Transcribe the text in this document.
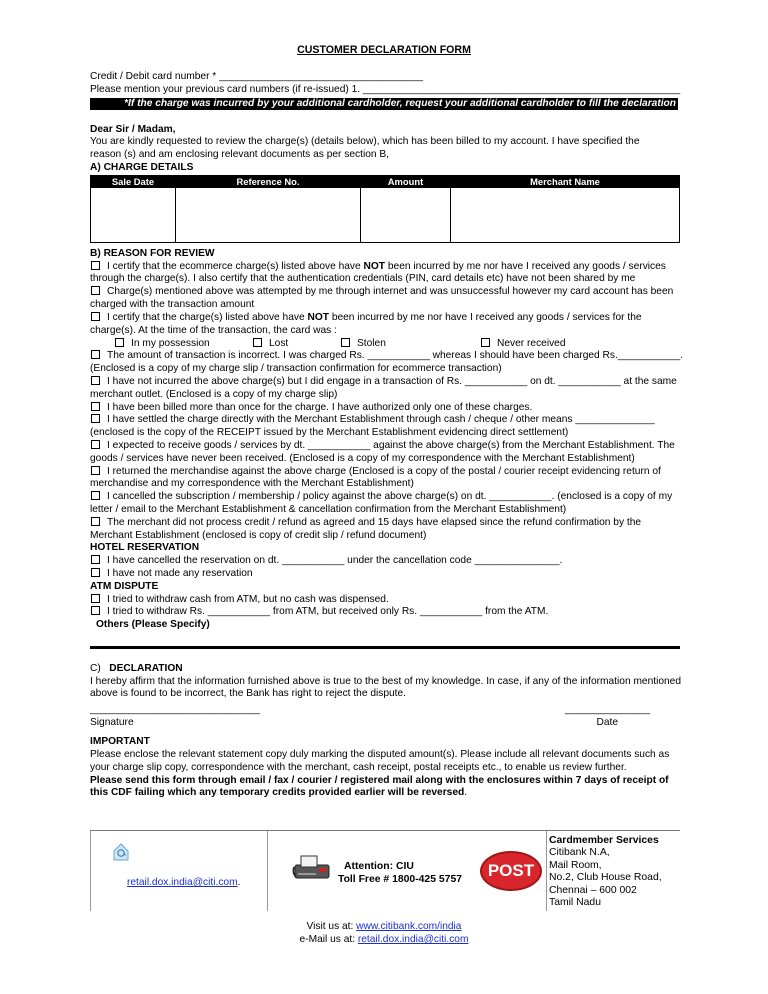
CUSTOMER DECLARATION FORM
Credit / Debit card number * ____________________________________
Please mention your previous card numbers (if re-issued) 1. ________________________________________________________
*If the charge was incurred by your additional cardholder, request your additional cardholder to fill the declaration
Dear Sir / Madam,
You are kindly requested to review the charge(s) (details below), which has been billed to my account. I have specified the
reason (s) and am enclosing relevant documents as per section B,
A) CHARGE DETAILS
Sale Date	Reference No.	Amount	Merchant Name

B) REASON FOR REVIEW
I certify that the ecommerce charge(s) listed above have NOT been incurred by me nor have I received any goods / services
through the charge(s). I also certify that the authentication credentials (PIN, card details etc) have not been shared by me
Charge(s) mentioned above was attempted by me through internet and was unsuccessful however my card account has been
charged with the transaction amount
I certify that the charge(s) listed above have NOT been incurred by me nor have I received any goods / services for the
charge(s). At the time of the transaction, the card was :
In my possession	Lost	Stolen	Never received
The amount of transaction is incorrect. I was charged Rs. ___________ whereas I should have been charged Rs.___________.
(Enclosed is a copy of my charge slip / transaction confirmation for ecommerce transaction)
I have not incurred the above charge(s) but I did engage in a transaction of Rs. ___________ on dt. ___________ at the same
merchant outlet. (Enclosed is a copy of my charge slip)
I have been billed more than once for the charge. I have authorized only one of these charges.
I have settled the charge directly with the Merchant Establishment through cash / cheque / other means ______________
(enclosed is the copy of the RECEIPT issued by the Merchant Establishment evidencing direct settlement)
I expected to receive goods / services by dt. ___________ against the above charge(s) from the Merchant Establishment. The
goods / services have never been received. (Enclosed is a copy of my correspondence with the Merchant Establishment)
I returned the merchandise against the above charge (Enclosed is a copy of the postal / courier receipt evidencing return of
merchandise and my correspondence with the Merchant Establishment)
I cancelled the subscription / membership / policy against the above charge(s) on dt. ___________. (enclosed is a copy of my
letter / email to the Merchant Establishment & cancellation confirmation from the Merchant Establishment)
The merchant did not process credit / refund as agreed and 15 days have elapsed since the refund confirmation by the
Merchant Establishment (enclosed is copy of credit slip / refund document)
HOTEL RESERVATION
I have cancelled the reservation on dt. ___________ under the cancellation code _______________.
I have not made any reservation
ATM DISPUTE
I tried to withdraw cash from ATM, but no cash was dispensed.
I tried to withdraw Rs. ___________ from ATM, but received only Rs. ___________ from the ATM.
Others (Please Specify)
C) DECLARATION
I hereby affirm that the information furnished above is true to the best of my knowledge. In case, if any of the information mentioned
above is found to be incorrect, the Bank has right to reject the dispute.
______________________________	_______________
Signature	Date
IMPORTANT
Please enclose the relevant statement copy duly marking the disputed amount(s). Please include all relevant documents such as
your charge slip copy, correspondence with the merchant, cash receipt, postal receipts etc., to enable us review further.
Please send this form through email / fax / courier / registered mail along with the enclosures within 7 days of receipt of
this CDF failing which any temporary credits provided earlier will be reversed.
retail.dox.india@citi.com.
Attention: CIU
Toll Free # 1800-425 5757	POST
Cardmember Services
Citibank N.A,
Mail Room,
No.2, Club House Road,
Chennai – 600 002
Tamil Nadu
Visit us at: www.citibank.com/india
e-Mail us at: retail.dox.india@citi.com
